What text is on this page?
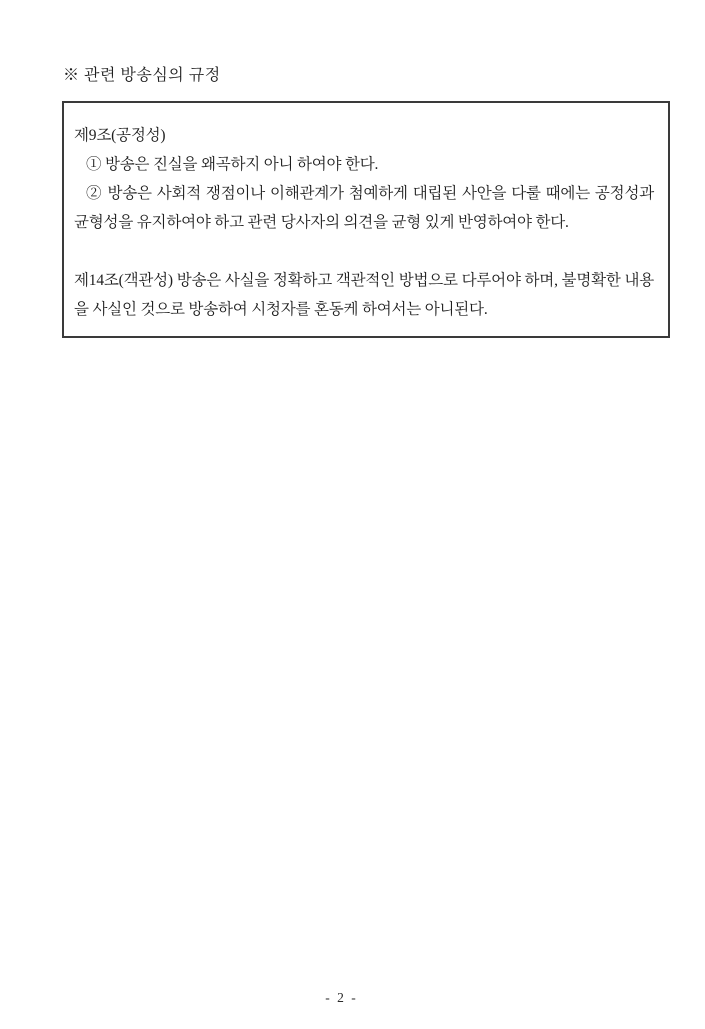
※ 관련 방송심의 규정

제9조(공정성)

① 방송은 진실을 왜곡하지 아니 하여야 한다.

② 방송은 사회적 쟁점이나 이해관계가 첨예하게 대립된 사안을 다룰 때에는 공정성과 균형성을 유지하여야 하고 관련 당사자의 의견을 균형 있게 반영하여야 한다.

제14조(객관성) 방송은 사실을 정확하고 객관적인 방법으로 다루어야 하며, 불명확한 내용을 사실인 것으로 방송하여 시청자를 혼동케 하여서는 아니된다.

- 2 -
